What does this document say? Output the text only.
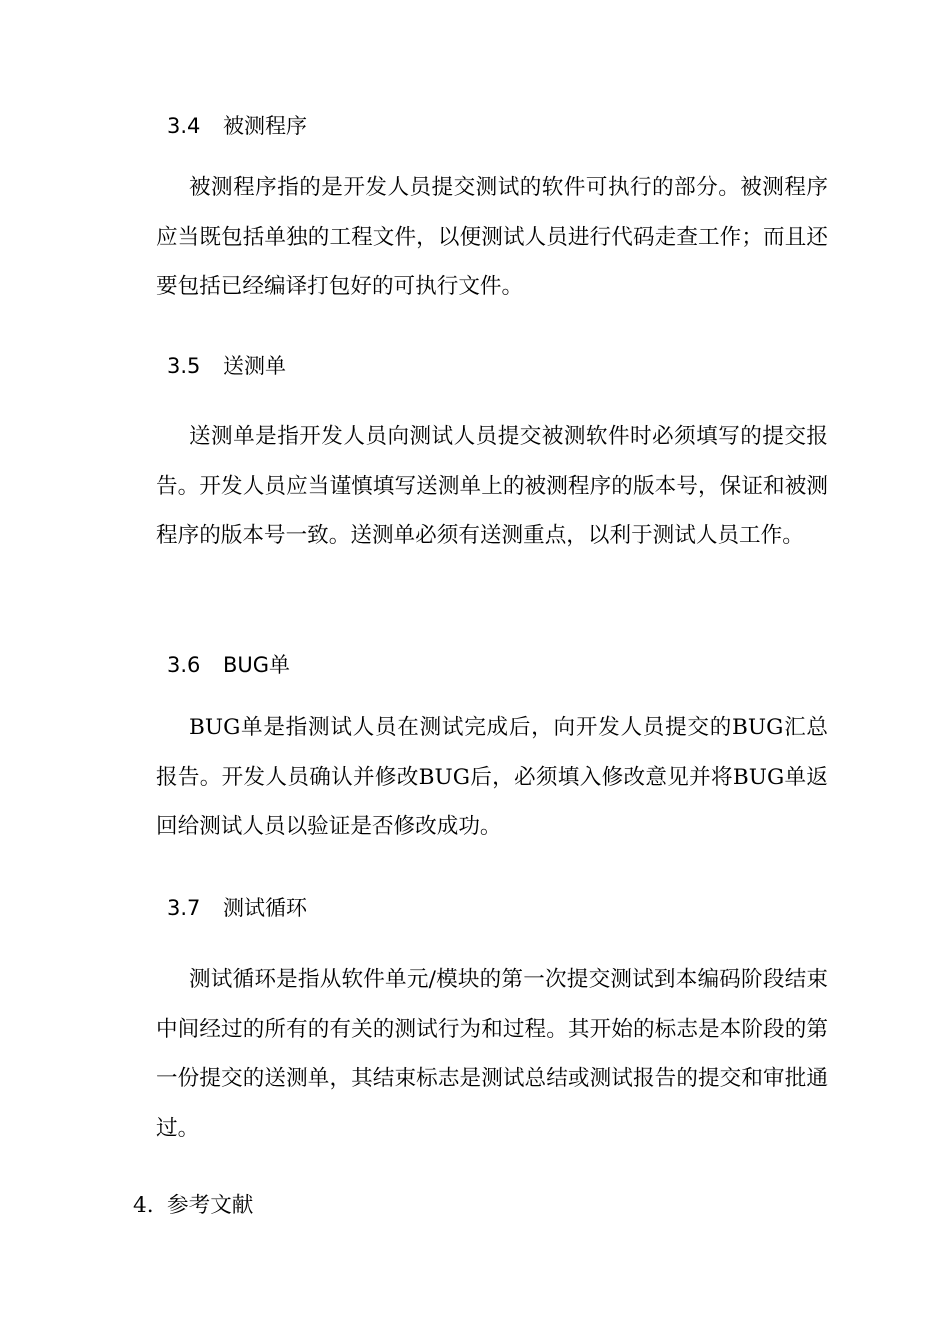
3.4 被测程序

被测程序指的是开发人员提交测试的软件可执行的部分。被测程序应当既包括单独的工程文件，以便测试人员进行代码走查工作；而且还要包括已经编译打包好的可执行文件。

3.5 送测单

送测单是指开发人员向测试人员提交被测软件时必须填写的提交报告。开发人员应当谨慎填写送测单上的被测程序的版本号，保证和被测程序的版本号一致。送测单必须有送测重点，以利于测试人员工作。

3.6 BUG单

BUG单是指测试人员在测试完成后，向开发人员提交的BUG汇总报告。开发人员确认并修改BUG后，必须填入修改意见并将BUG单返回给测试人员以验证是否修改成功。

3.7 测试循环

测试循环是指从软件单元/模块的第一次提交测试到本编码阶段结束中间经过的所有的有关的测试行为和过程。其开始的标志是本阶段的第一份提交的送测单，其结束标志是测试总结或测试报告的提交和审批通过。

4. 参考文献
